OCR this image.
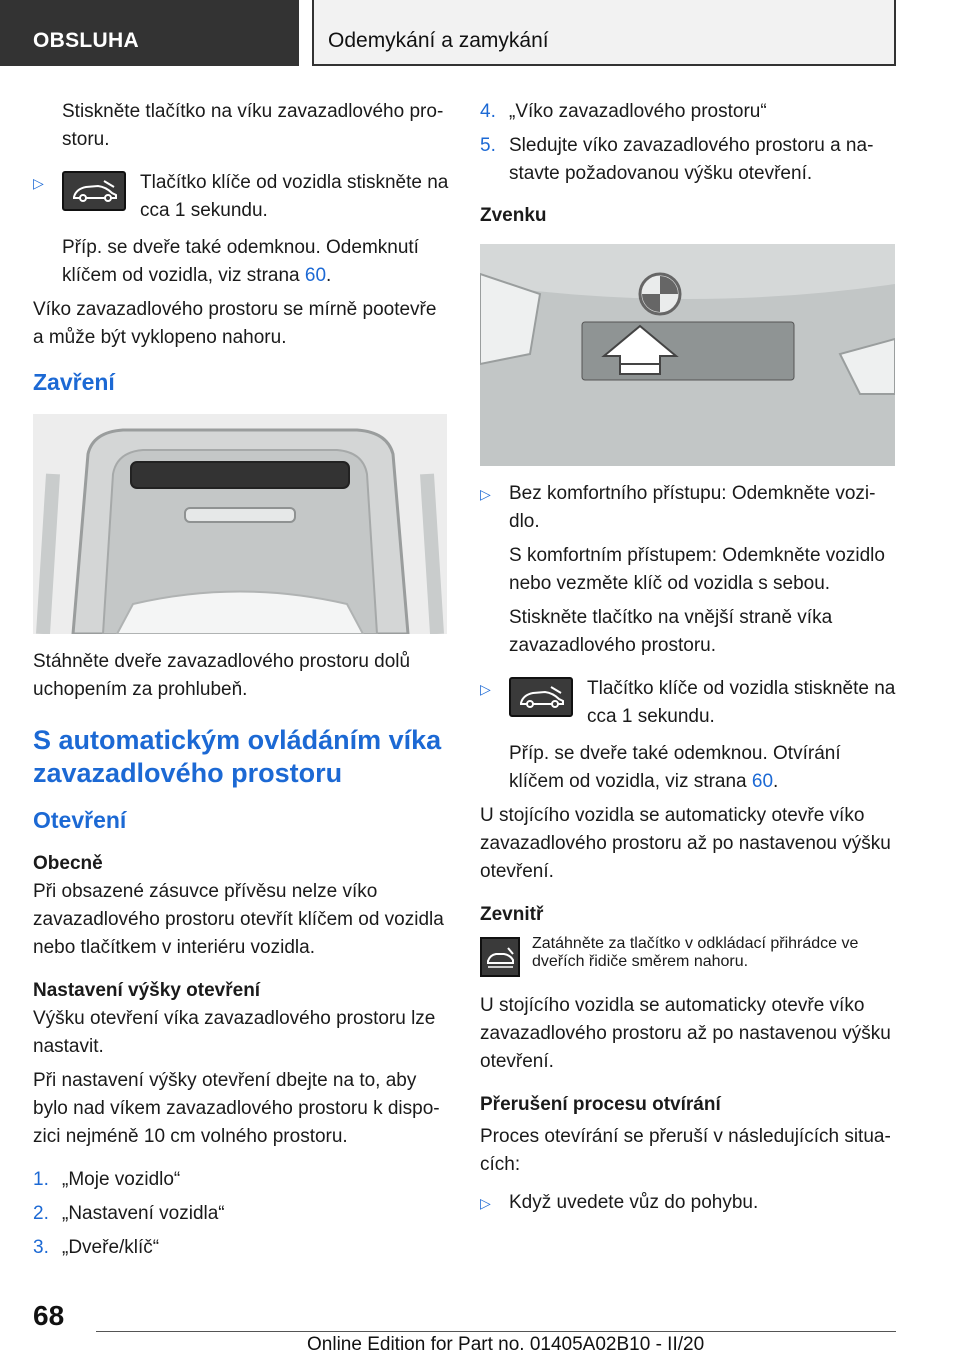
OBSLUHA	Odemykání a zamykání

Stiskněte tlačítko na víku zavazadlového prostoru.

▷	Tlačítko klíče od vozidla stiskněte na cca 1 sekundu.

Příp. se dveře také odemknou. Odemknutí klíčem od vozidla, viz strana 60.

Víko zavazadlového prostoru se mírně pootevře a může být vyklopeno nahoru.

Zavření

Stáhněte dveře zavazadlového prostoru dolů uchopením za prohlubeň.

S automatickým ovládáním víka zavazadlového prostoru
Otevření
Obecně

Při obsazené zásuvce přívěsu nelze víko zavazadlového prostoru otevřít klíčem od vozidla nebo tlačítkem v interiéru vozidla.

Nastavení výšky otevření

Výšku otevření víka zavazadlového prostoru lze nastavit.

Při nastavení výšky otevření dbejte na to, aby bylo nad víkem zavazadlového prostoru k dispozici nejméně 10 cm volného prostoru.

1. „Moje vozidlo“
2. „Nastavení vozidla“
3. „Dveře/klíč“
4. „Víko zavazadlového prostoru“
5. Sledujte víko zavazadlového prostoru a nastavte požadovanou výšku otevření.
Zvenku
▷ Bez komfortního přístupu: Odemkněte vozidlo.

S komfortním přístupem: Odemkněte vozidlo nebo vezměte klíč od vozidla s sebou.

Stiskněte tlačítko na vnější straně víka zavazadlového prostoru.

▷	Tlačítko klíče od vozidla stiskněte na cca 1 sekundu.

Příp. se dveře také odemknou. Otvírání klíčem od vozidla, viz strana 60.

U stojícího vozidla se automaticky otevře víko zavazadlového prostoru až po nastavenou výšku otevření.

Zevnitř
Zatáhněte za tlačítko v odkládací přihrádce ve dveřích řidiče směrem nahoru.

U stojícího vozidla se automaticky otevře víko zavazadlového prostoru až po nastavenou výšku otevření.

Přerušení procesu otvírání

Proces otevírání se přeruší v následujících situacích:

▷ Když uvedete vůz do pohybu.
68
Online Edition for Part no. 01405A02B10 - II/20
